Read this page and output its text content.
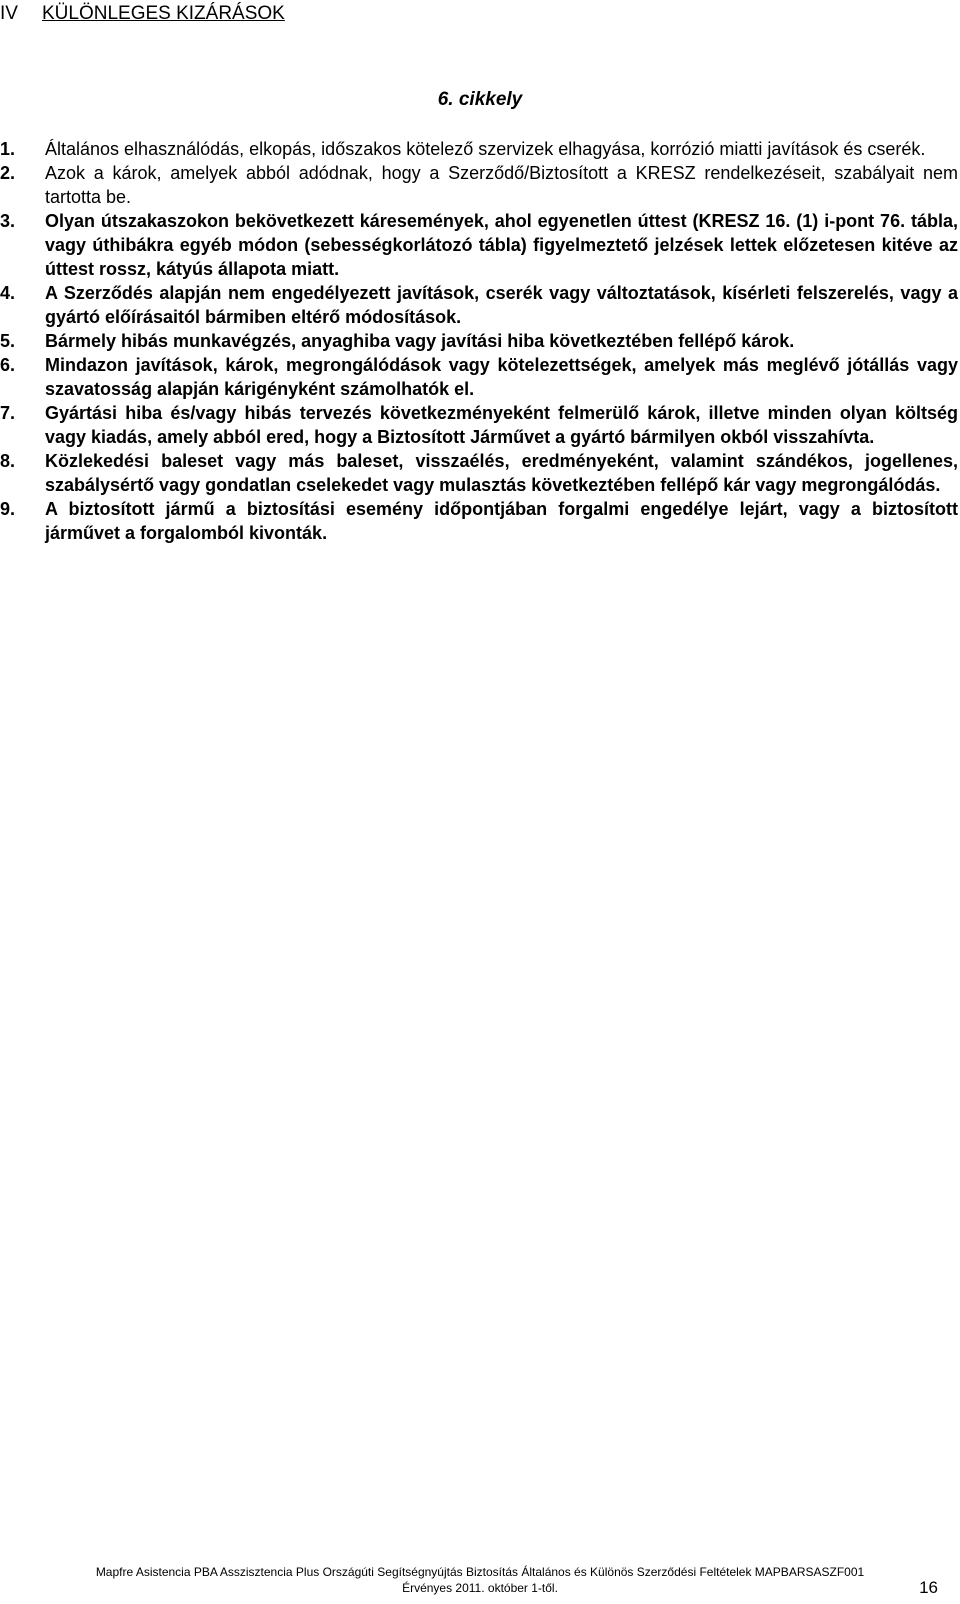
IV KÜLÖNLEGES KIZÁRÁSOK
6. cikkely
1.	Általános elhasználódás, elkopás, időszakos kötelező szervizek elhagyása, korrózió miatti javítások és cserék.
2.	Azok a károk, amelyek abból adódnak, hogy a Szerződő/Biztosított a KRESZ rendelkezéseit, szabályait nem tartotta be.
3.	Olyan útszakaszokon bekövetkezett káresemények, ahol egyenetlen úttest (KRESZ 16. (1) i-pont 76. tábla, vagy úthibákra egyéb módon (sebességkorlátozó tábla) figyelmeztető jelzések lettek előzetesen kitéve az úttest rossz, kátyús állapota miatt.
4.	A Szerződés alapján nem engedélyezett javítások, cserék vagy változtatások, kísérleti felszerelés, vagy a gyártó előírásaitól bármiben eltérő módosítások.
5.	Bármely hibás munkavégzés, anyaghiba vagy javítási hiba következtében fellépő károk.
6.	Mindazon javítások, károk, megrongálódások vagy kötelezettségek, amelyek más meglévő jótállás vagy szavatosság alapján kárigényként számolhatók el.
7.	Gyártási hiba és/vagy hibás tervezés következményeként felmerülő károk, illetve minden olyan költség vagy kiadás, amely abból ered, hogy a Biztosított Járművet a gyártó bármilyen okból visszahívta.
8.	Közlekedési baleset vagy más baleset, visszaélés, eredményeként, valamint szándékos, jogellenes, szabálysértő vagy gondatlan cselekedet vagy mulasztás következtében fellépő kár vagy megrongálódás.
9.	A biztosított jármű a biztosítási esemény időpontjában forgalmi engedélye lejárt, vagy a biztosított járművet a forgalomból kivonták.
Mapfre Asistencia PBA Asszisztencia Plus Országúti Segítségnyújtás Biztosítás Általános és Különös Szerződési Feltételek MAPBARSASZF001
Érvényes 2011. október 1-től.	16
